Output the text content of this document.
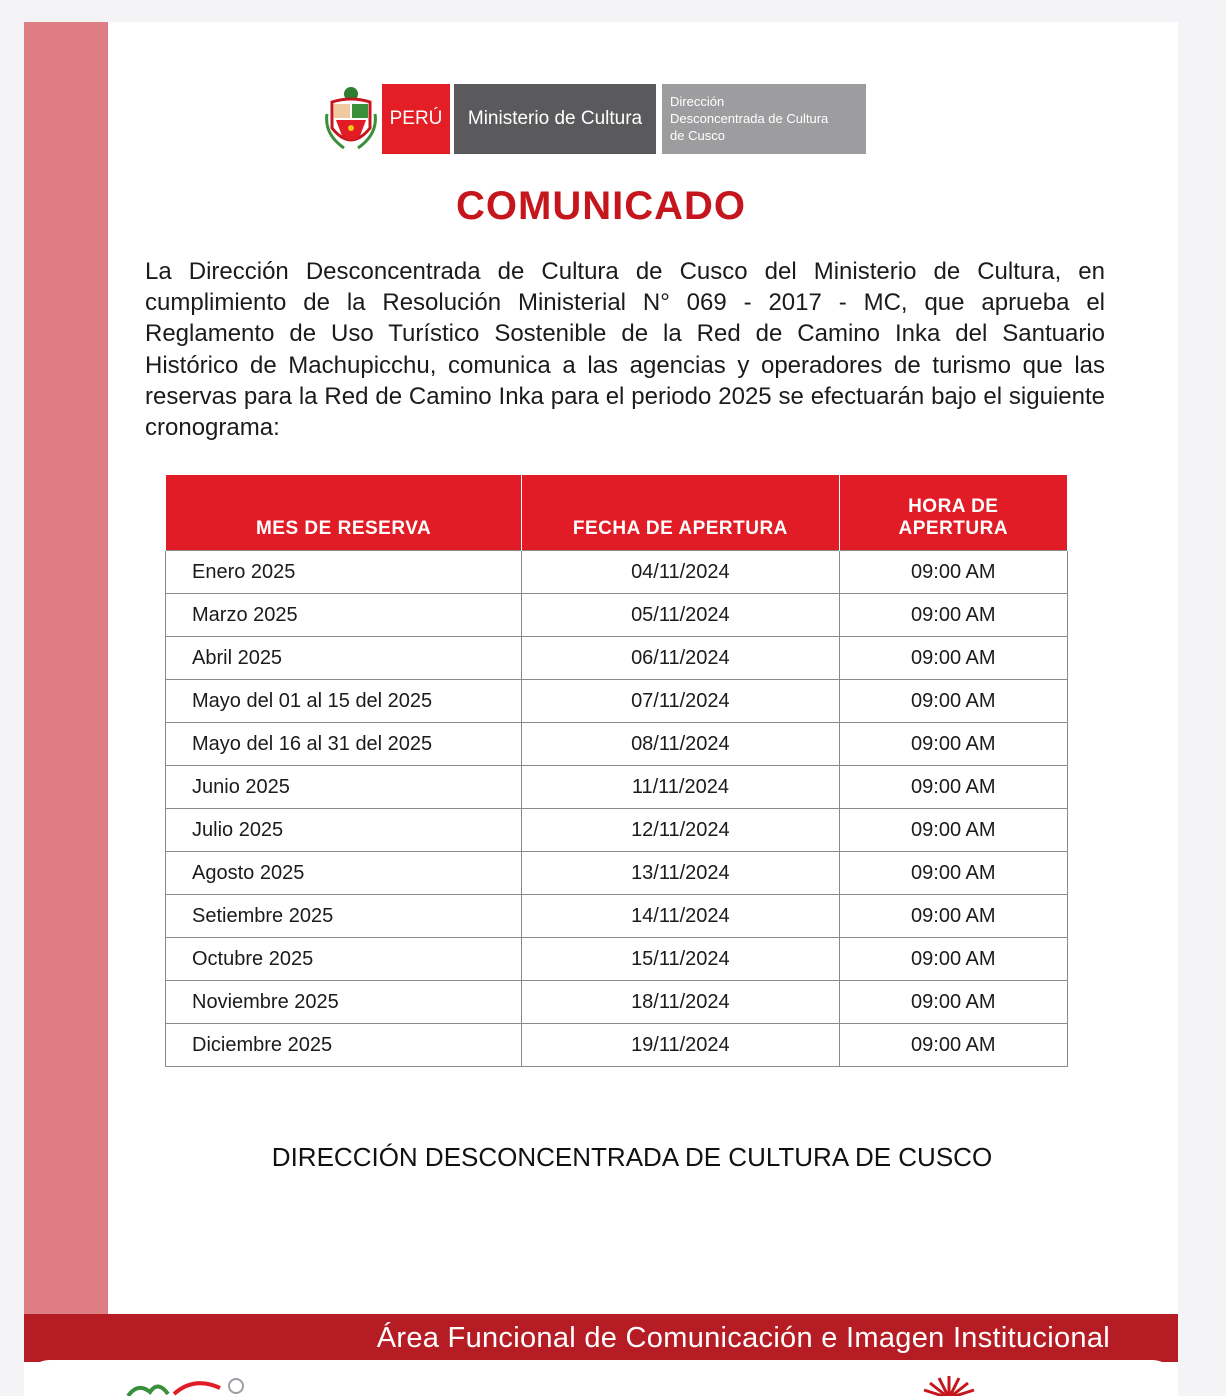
PERÚ	Ministerio de Cultura
Dirección
Desconcentrada de Cultura
de Cusco
COMUNICADO
La Dirección Desconcentrada de Cultura de Cusco del Ministerio de Cultura, en cumplimiento de la Resolución Ministerial N° 069 - 2017 - MC, que aprueba el Reglamento de Uso Turístico Sostenible de la Red de Camino Inka del Santuario Histórico de Machupicchu, comunica a las agencias y operadores de turismo que las reservas para la Red de Camino Inka para el periodo 2025 se efectuarán bajo el siguiente cronograma:
MES DE RESERVA	FECHA DE APERTURA	HORA DE APERTURA
Enero 2025	04/11/2024	09:00 AM
Marzo 2025	05/11/2024	09:00 AM
Abril 2025	06/11/2024	09:00 AM
Mayo del 01 al 15 del 2025	07/11/2024	09:00 AM
Mayo del 16 al 31 del 2025	08/11/2024	09:00 AM
Junio 2025	11/11/2024	09:00 AM
Julio 2025	12/11/2024	09:00 AM
Agosto 2025	13/11/2024	09:00 AM
Setiembre 2025	14/11/2024	09:00 AM
Octubre 2025	15/11/2024	09:00 AM
Noviembre 2025	18/11/2024	09:00 AM
Diciembre 2025	19/11/2024	09:00 AM
DIRECCIÓN DESCONCENTRADA DE CULTURA DE CUSCO
Área Funcional de Comunicación e Imagen Institucional
